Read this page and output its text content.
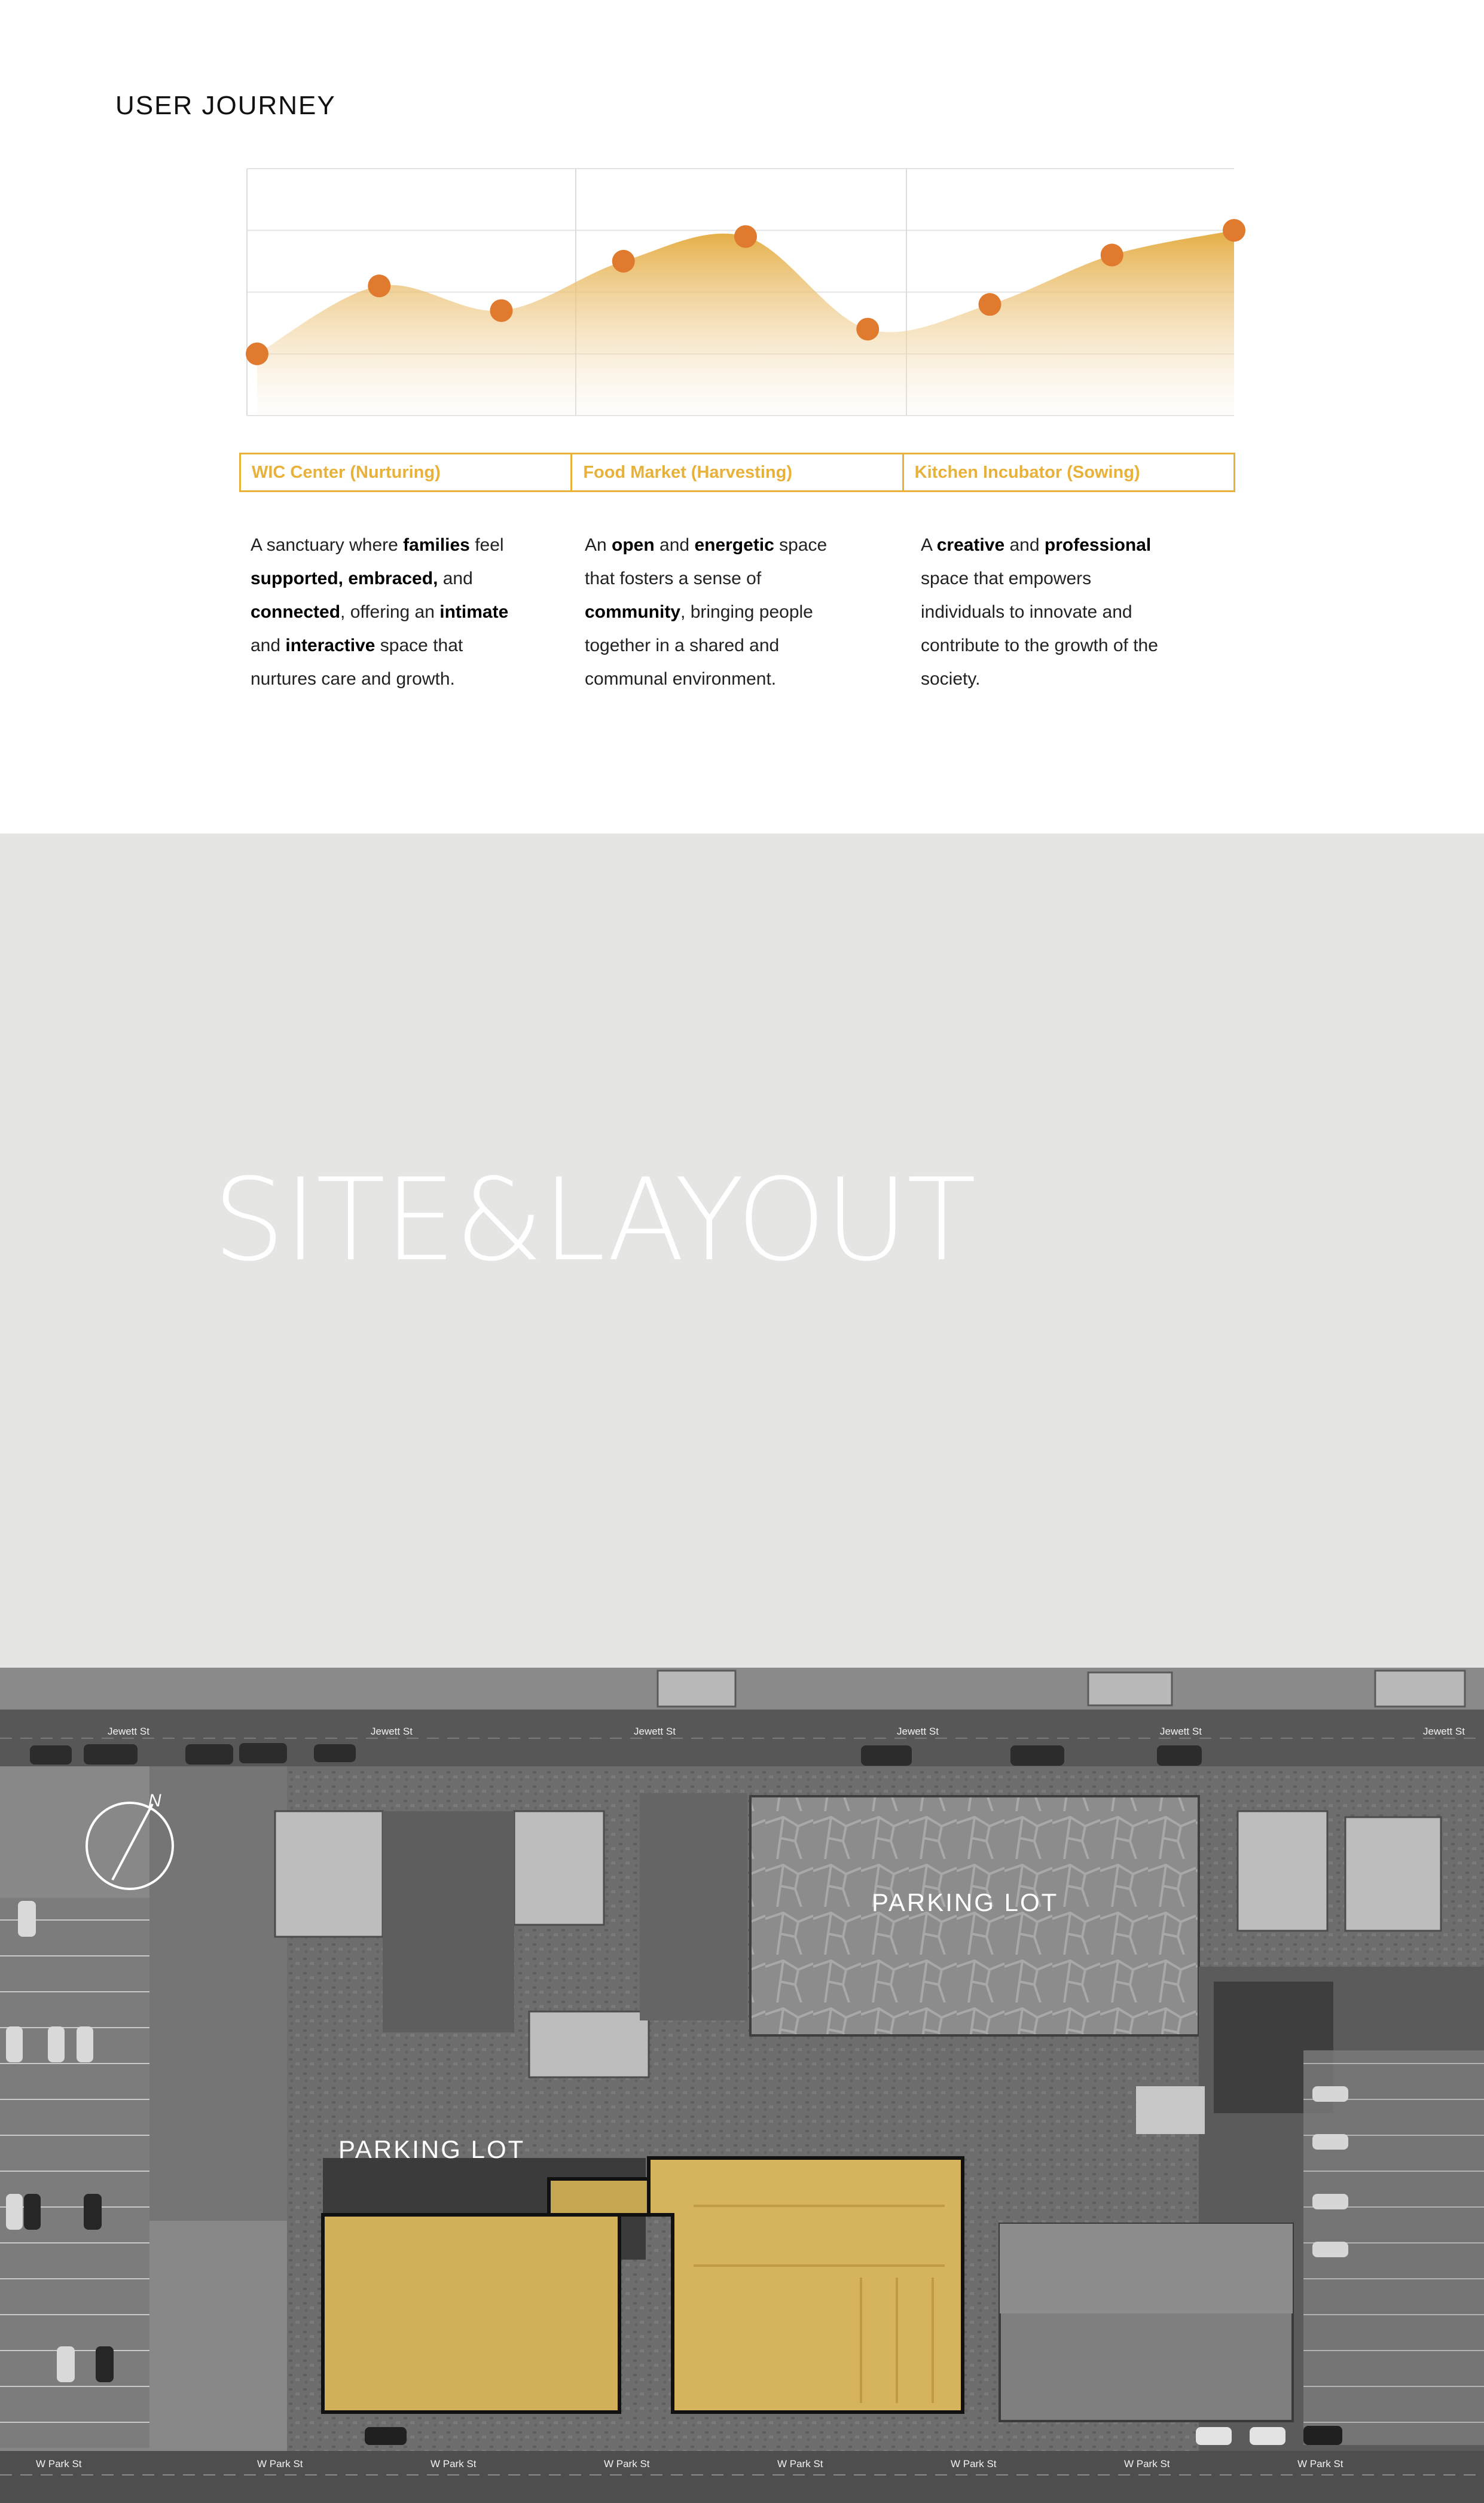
USER JOURNEY
WIC Center (Nurturing)	Food Market (Harvesting)	Kitchen Incubator (Sowing)
A sanctuary where families feel
supported, embraced, and
connected, offering an intimate
and interactive space that
nurtures care and growth.
An open and energetic space
that fosters a sense of
community, bringing people
together in a shared and
communal environment.
A creative and professional
space that empowers
individuals to innovate and
contribute to the growth of the
society.
SITE&LAYOUT
Jewett St	Jewett St	Jewett St	Jewett St	Jewett St	Jewett St
W Park St	W Park St	W Park St	W Park St	W Park St	W Park St	W Park St	W Park St
PARKING LOT
PARKING LOT
N
